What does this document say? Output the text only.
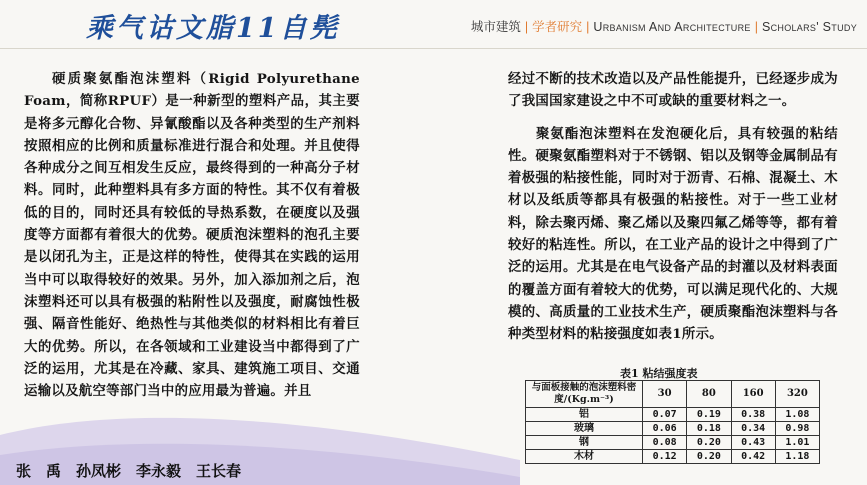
乘气诂文脂11自髡	城市建筑 | 学者研究 | Urbanism And Architecture | Scholars' Study

硬质聚氨酯泡沫塑料（Rigid Polyurethane Foam，简称RPUF）是一种新型的塑料产品，其主要是将多元醇化合物、异氰酸酯以及各种类型的生产剂料按照相应的比例和质量标准进行混合和处理。并且使得各种成分之间互相发生反应，最终得到的一种高分子材料。同时，此种塑料具有多方面的特性。其不仅有着极低的目的，同时还具有较低的导热系数，在硬度以及强度等方面都有着很大的优势。硬质泡沫塑料的泡孔主要是以闭孔为主，正是这样的特性，使得其在实践的运用当中可以取得较好的效果。另外，加入添加剂之后，泡沫塑料还可以具有极强的粘附性以及强度，耐腐蚀性极强、隔音性能好、绝热性与其他类似的材料相比有着巨大的优势。所以，在各领域和工业建设当中都得到了广泛的运用，尤其是在冷藏、家具、建筑施工项目、交通运输以及航空等部门当中的应用最为普遍。并且

经过不断的技术改造以及产品性能提升，已经逐步成为了我国国家建设之中不可或缺的重要材料之一。

聚氨酯泡沫塑料在发泡硬化后，具有较强的粘结性。硬聚氨酯塑料对于不锈钢、铝以及钢等金属制品有着极强的粘接性能，同时对于沥青、石棉、混凝土、木材以及纸质等都具有极强的粘接性。对于一些工业材料，除去聚丙烯、聚乙烯以及聚四氟乙烯等等，都有着较好的粘连性。所以，在工业产品的设计之中得到了广泛的运用。尤其是在电气设备产品的封灌以及材料表面的覆盖方面有着较大的优势，可以满足现代化的、大规模的、高质量的工业技术生产，硬质聚酯泡沫塑料与各种类型材料的粘接强度如表1所示。

表1 粘结强度表
与面板接触的泡沫塑料密度/(Kg.m⁻³)	30	80	160	320
铝	0.07	0.19	0.38	1.08
玻璃	0.06	0.18	0.34	0.98
钢	0.08	0.20	0.43	1.01
木材	0.12	0.20	0.42	1.18
张　禹　孙凤彬　李永毅　王长春
